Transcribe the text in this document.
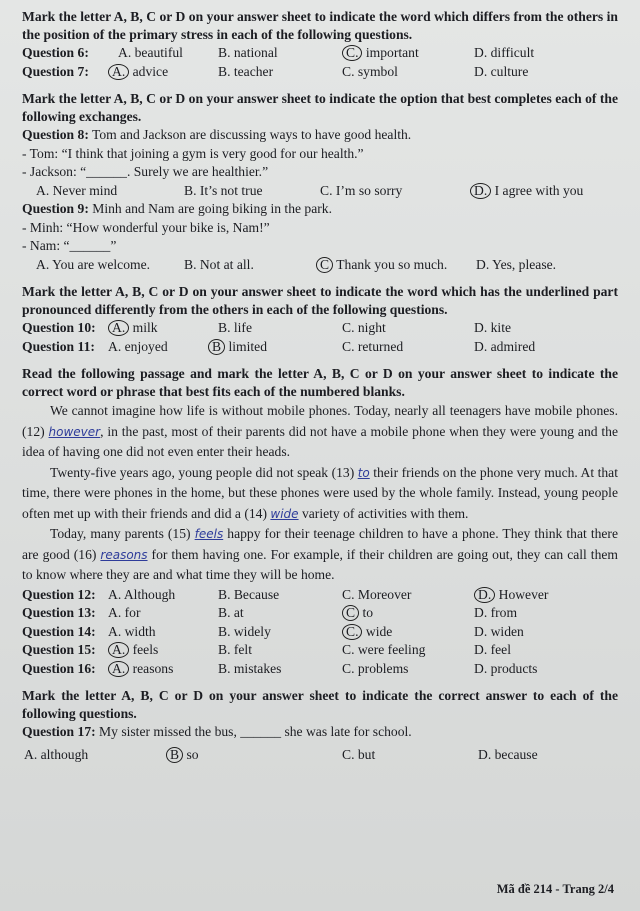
Mark the letter A, B, C or D on your answer sheet to indicate the word which differs from the others in the position of the primary stress in each of the following questions.

Question 6: A. beautiful	B. national	C. important	D. difficult
Question 7: A. advice	B. teacher	C. symbol	D. culture

Mark the letter A, B, C or D on your answer sheet to indicate the option that best completes each of the following exchanges.

Question 8: Tom and Jackson are discussing ways to have good health.

- Tom: “I think that joining a gym is very good for our health.”

- Jackson: “______. Surely we are healthier.”

A. Never mind	B. It’s not true	C. I’m so sorry	D. I agree with you

Question 9: Minh and Nam are going biking in the park.

- Minh: “How wonderful your bike is, Nam!”

- Nam: “______”

A. You are welcome. B. Not at all.	C Thank you so much. D. Yes, please.

Mark the letter A, B, C or D on your answer sheet to indicate the word which has the underlined part pronounced differently from the others in each of the following questions.

Question 10: A. milk	B. life	C. night	D. kite
Question 11: A. enjoyed	B limited	C. returned	D. admired

Read the following passage and mark the letter A, B, C or D on your answer sheet to indicate the correct word or phrase that best fits each of the numbered blanks.

We cannot imagine how life is without mobile phones. Today, nearly all teenagers have mobile phones. (12) however, in the past, most of their parents did not have a mobile phone when they were young and the idea of having one did not even enter their heads.

Twenty-five years ago, young people did not speak (13) to their friends on the phone very much. At that time, there were phones in the home, but these phones were used by the whole family. Instead, young people often met up with their friends and did a (14) wide variety of activities with them.

Today, many parents (15) feels happy for their teenage children to have a phone. They think that there are good (16) reasons for them having one. For example, if their children are going out, they can call them to know where they are and what time they will be home.

Question 12: A. Although	B. Because	C. Moreover	D. However
Question 13: A. for	B. at	C to	D. from
Question 14: A. width	B. widely	C. wide	D. widen
Question 15: A. feels	B. felt	C. were feeling	D. feel
Question 16: A. reasons	B. mistakes	C. problems	D. products

Mark the letter A, B, C or D on your answer sheet to indicate the correct answer to each of the following questions.

Question 17: My sister missed the bus, ______ she was late for school.

A. although	B so	C. but	D. because
Mã đề 214 - Trang 2/4
